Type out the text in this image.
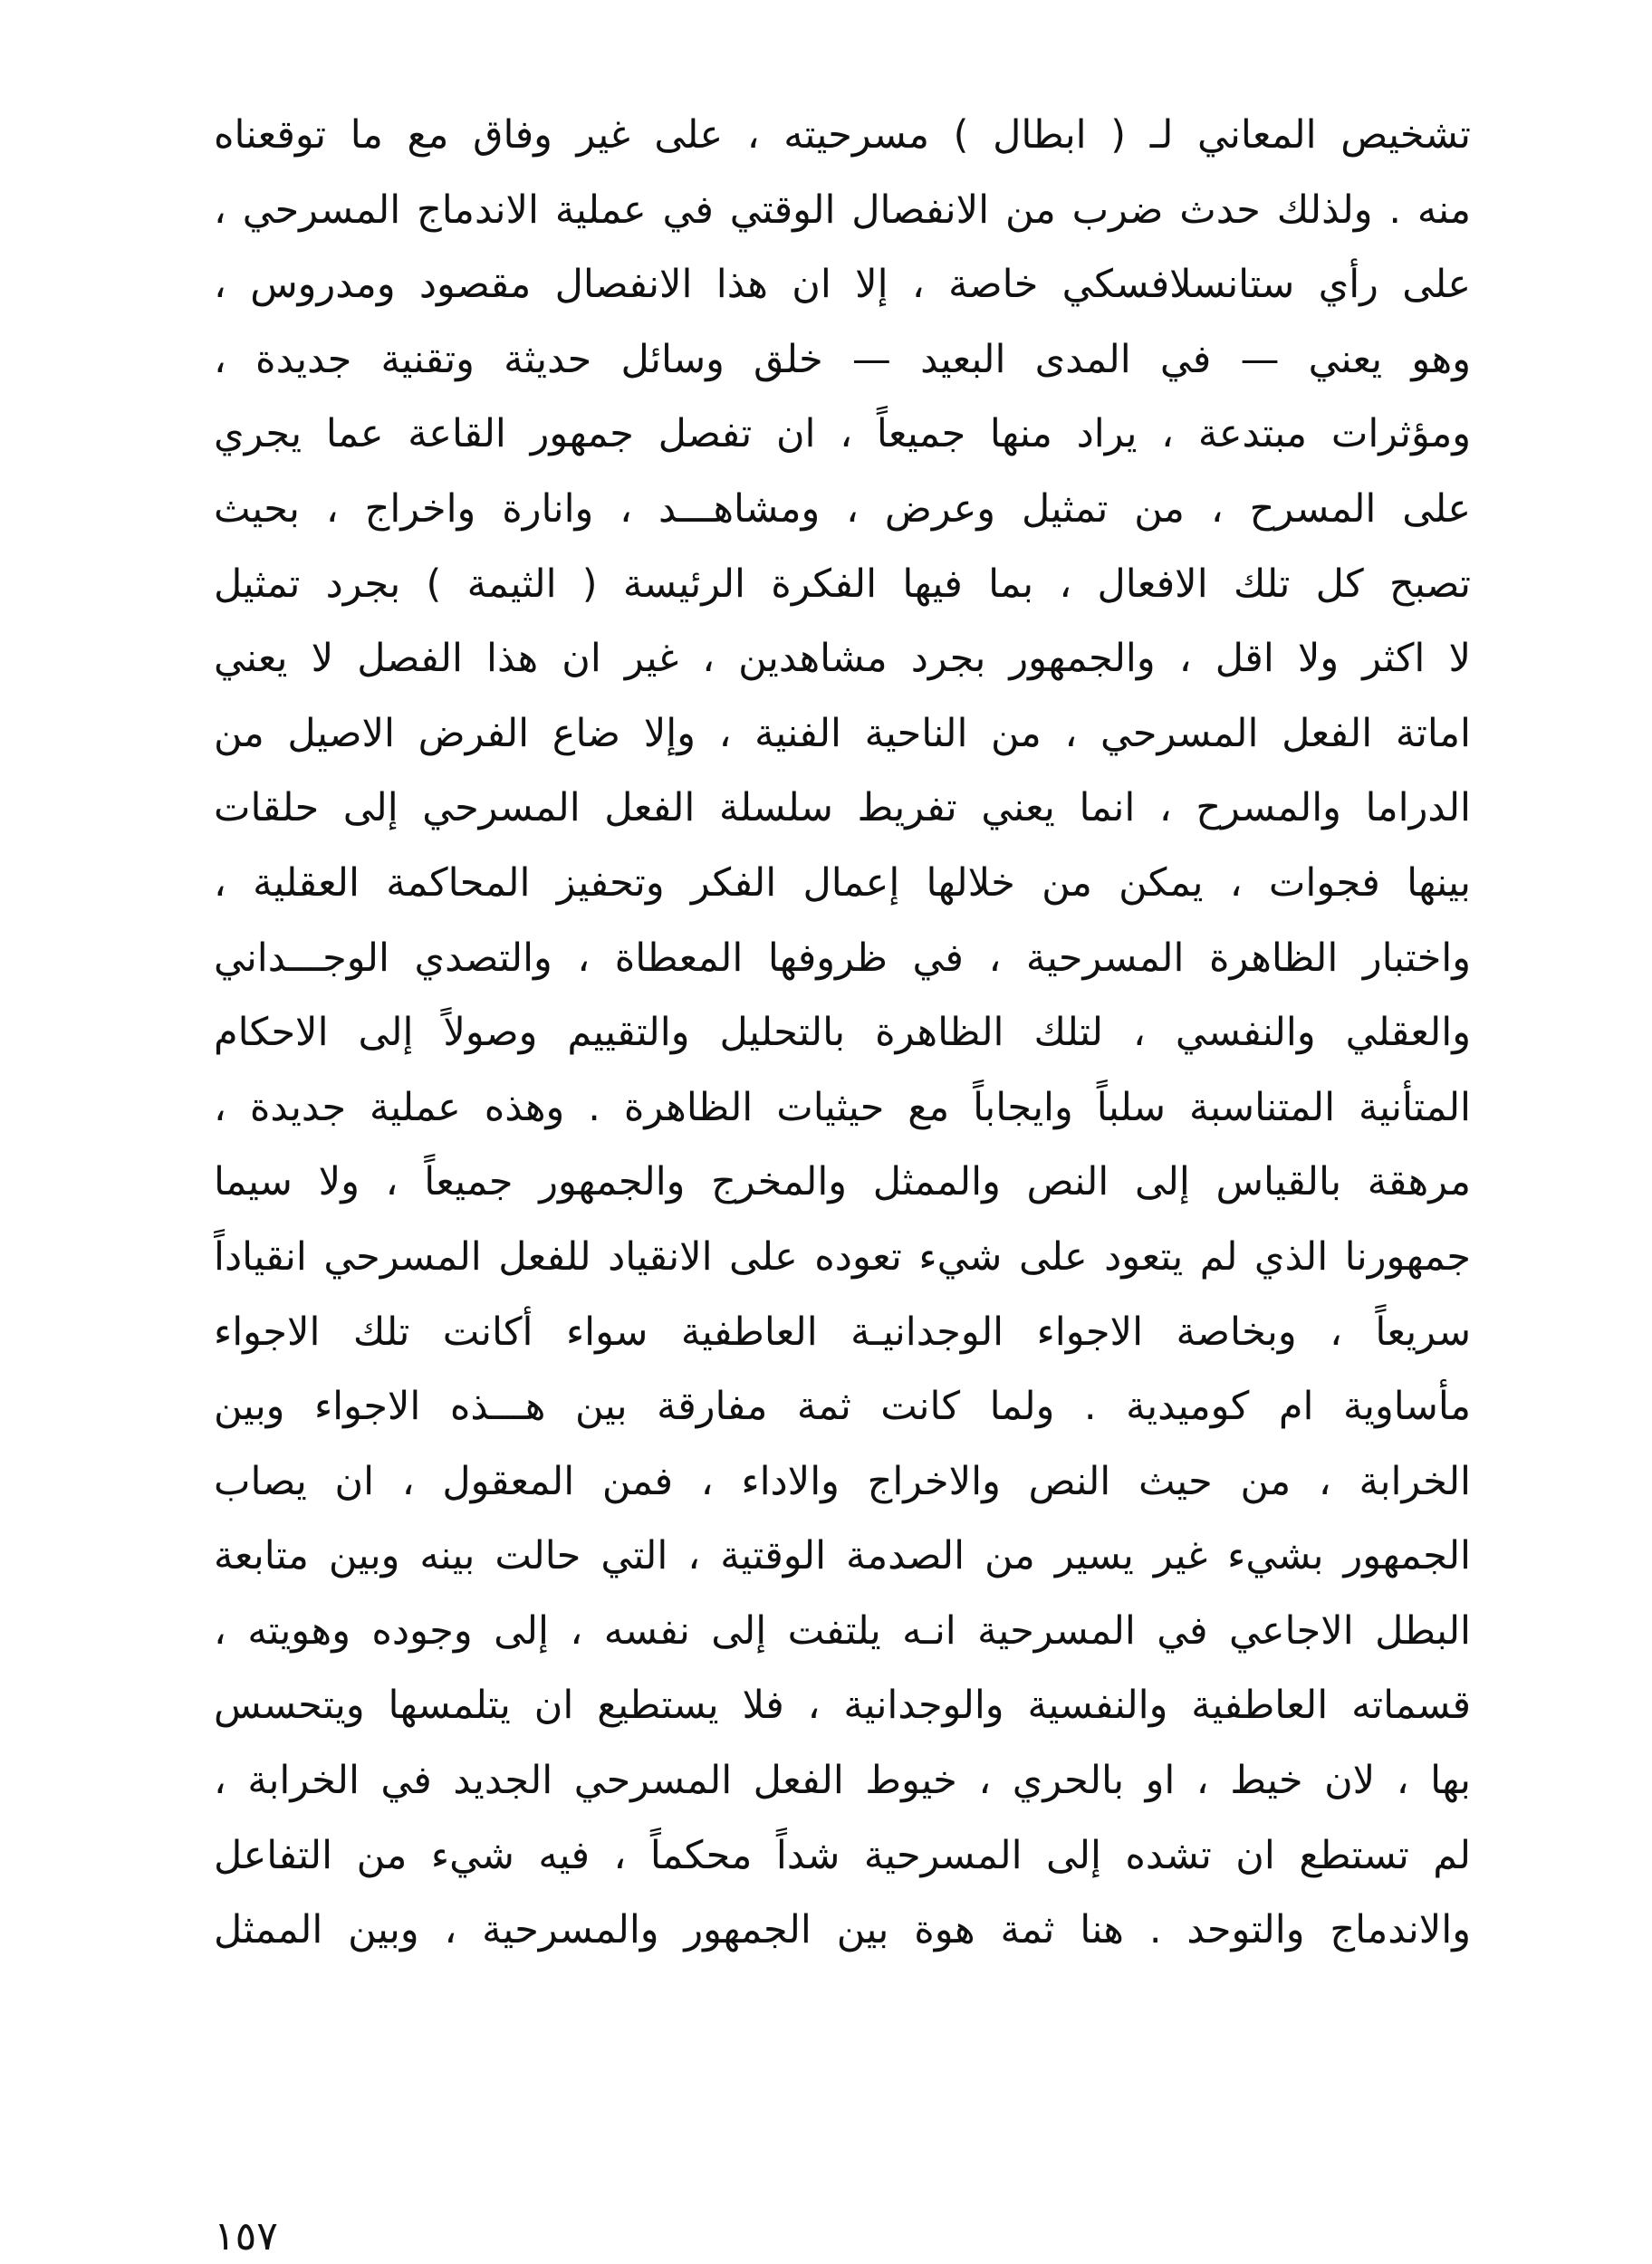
تشخيص المعاني لـ ( ابطال ) مسرحيته ، على غير وفاق مع ما توقعناه
منه . ولذلك حدث ضرب من الانفصال الوقتي في عملية الاندماج المسرحي ،
على رأي ستانسلافسكي خاصة ، إلا ان هذا الانفصال مقصود ومدروس ،
وهو يعني — في المدى البعيد — خلق وسائل حديثة وتقنية جديدة ،
ومؤثرات مبتدعة ، يراد منها جميعاً ، ان تفصل جمهور القاعة عما يجري
على المسرح ، من تمثيل وعرض ، ومشاهـــد ، وانارة واخراج ، بحيث
تصبح كل تلك الافعال ، بما فيها الفكرة الرئيسة ( الثيمة ) بجرد تمثيل
لا اكثر ولا اقل ، والجمهور بجرد مشاهدين ، غير ان هذا الفصل لا يعني
اماتة الفعل المسرحي ، من الناحية الفنية ، وإلا ضاع الفرض الاصيل من
الدراما والمسرح ، انما يعني تفريط سلسلة الفعل المسرحي إلى حلقات
بينها فجوات ، يمكن من خلالها إعمال الفكر وتحفيز المحاكمة العقلية ،
واختبار الظاهرة المسرحية ، في ظروفها المعطاة ، والتصدي الوجـــداني
والعقلي والنفسي ، لتلك الظاهرة بالتحليل والتقييم وصولاً إلى الاحكام
المتأنية المتناسبة سلباً وايجاباً مع حيثيات الظاهرة . وهذه عملية جديدة ،
مرهقة بالقياس إلى النص والممثل والمخرج والجمهور جميعاً ، ولا سيما
جمهورنا الذي لم يتعود على شيء تعوده على الانقياد للفعل المسرحي انقياداً
سريعاً ، وبخاصة الاجواء الوجدانيـة العاطفية سواء أكانت تلك الاجواء
مأساوية ام كوميدية . ولما كانت ثمة مفارقة بين هـــذه الاجواء وبين
الخرابة ، من حيث النص والاخراج والاداء ، فمن المعقول ، ان يصاب
الجمهور بشيء غير يسير من الصدمة الوقتية ، التي حالت بينه وبين متابعة
البطل الاجاعي في المسرحية انـه يلتفت إلى نفسه ، إلى وجوده وهويته ،
قسماته العاطفية والنفسية والوجدانية ، فلا يستطيع ان يتلمسها ويتحسس
بها ، لان خيط ، او بالحري ، خيوط الفعل المسرحي الجديد في الخرابة ،
لم تستطع ان تشده إلى المسرحية شداً محكماً ، فيه شيء من التفاعل
والاندماج والتوحد . هنا ثمة هوة بين الجمهور والمسرحية ، وبين الممثل
١٥٧
